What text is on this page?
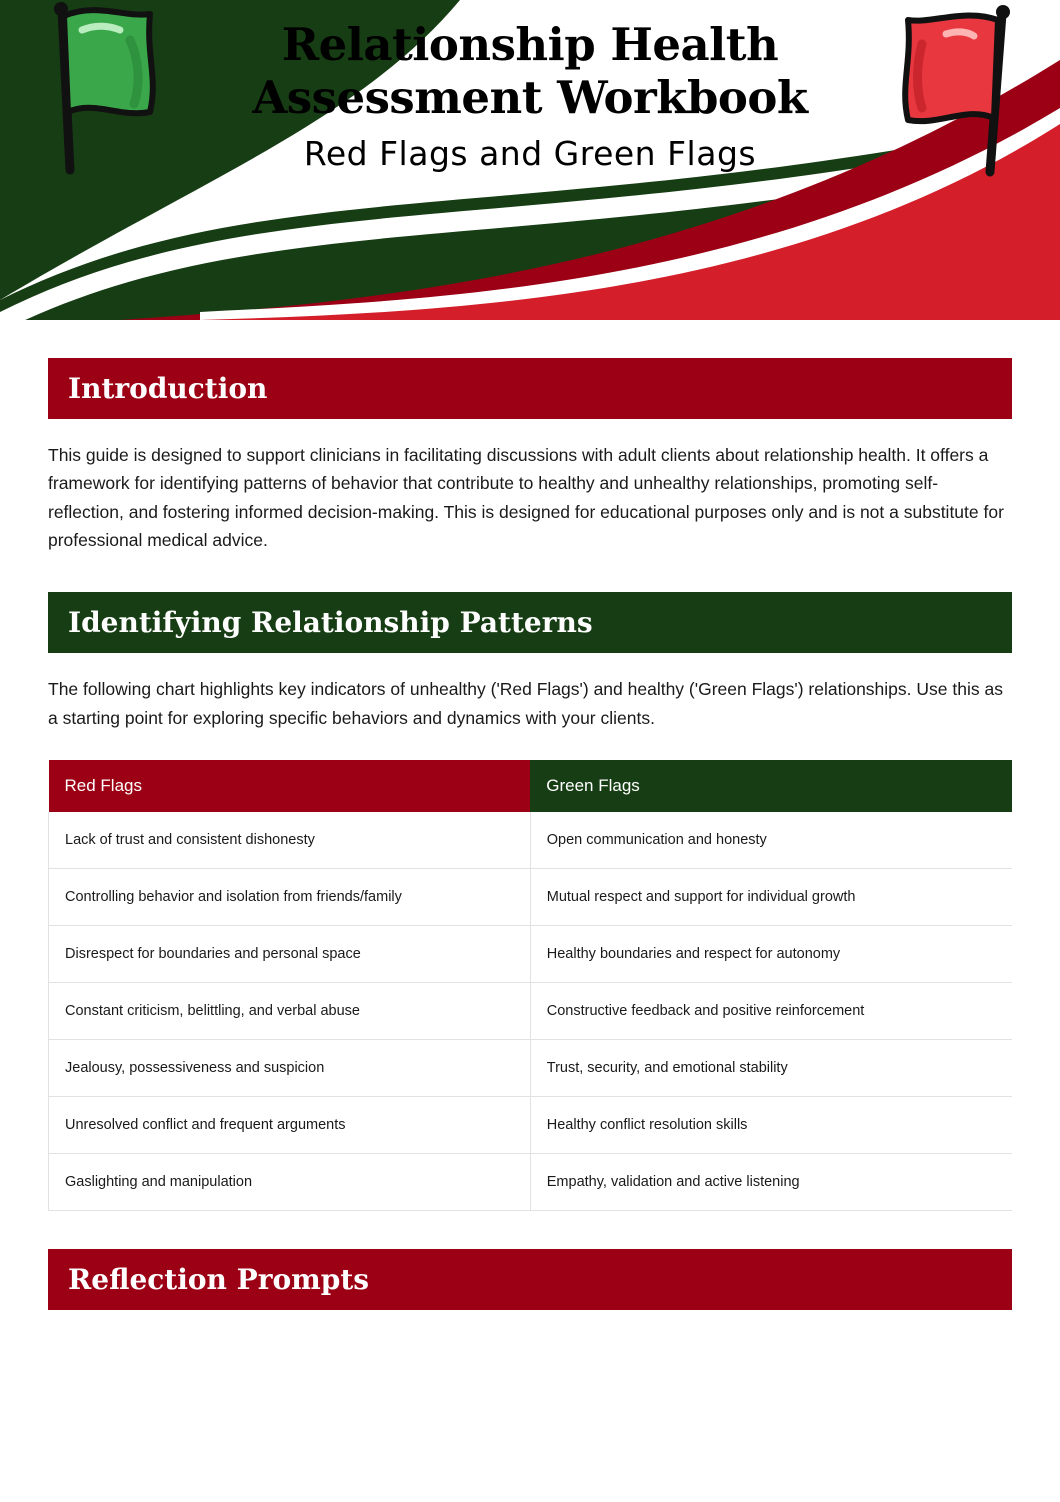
Relationship Health Assessment Workbook
Red Flags and Green Flags
Introduction
This guide is designed to support clinicians in facilitating discussions with adult clients about relationship health. It offers a framework for identifying patterns of behavior that contribute to healthy and unhealthy relationships, promoting self-reflection, and fostering informed decision-making. This is designed for educational purposes only and is not a substitute for professional medical advice.
Identifying Relationship Patterns
The following chart highlights key indicators of unhealthy ('Red Flags') and healthy ('Green Flags') relationships. Use this as a starting point for exploring specific behaviors and dynamics with your clients.
Red Flags	Green Flags
Lack of trust and consistent dishonesty	Open communication and honesty
Controlling behavior and isolation from friends/family	Mutual respect and support for individual growth
Disrespect for boundaries and personal space	Healthy boundaries and respect for autonomy
Constant criticism, belittling, and verbal abuse	Constructive feedback and positive reinforcement
Jealousy, possessiveness and suspicion	Trust, security, and emotional stability
Unresolved conflict and frequent arguments	Healthy conflict resolution skills
Gaslighting and manipulation	Empathy, validation and active listening
Reflection Prompts
